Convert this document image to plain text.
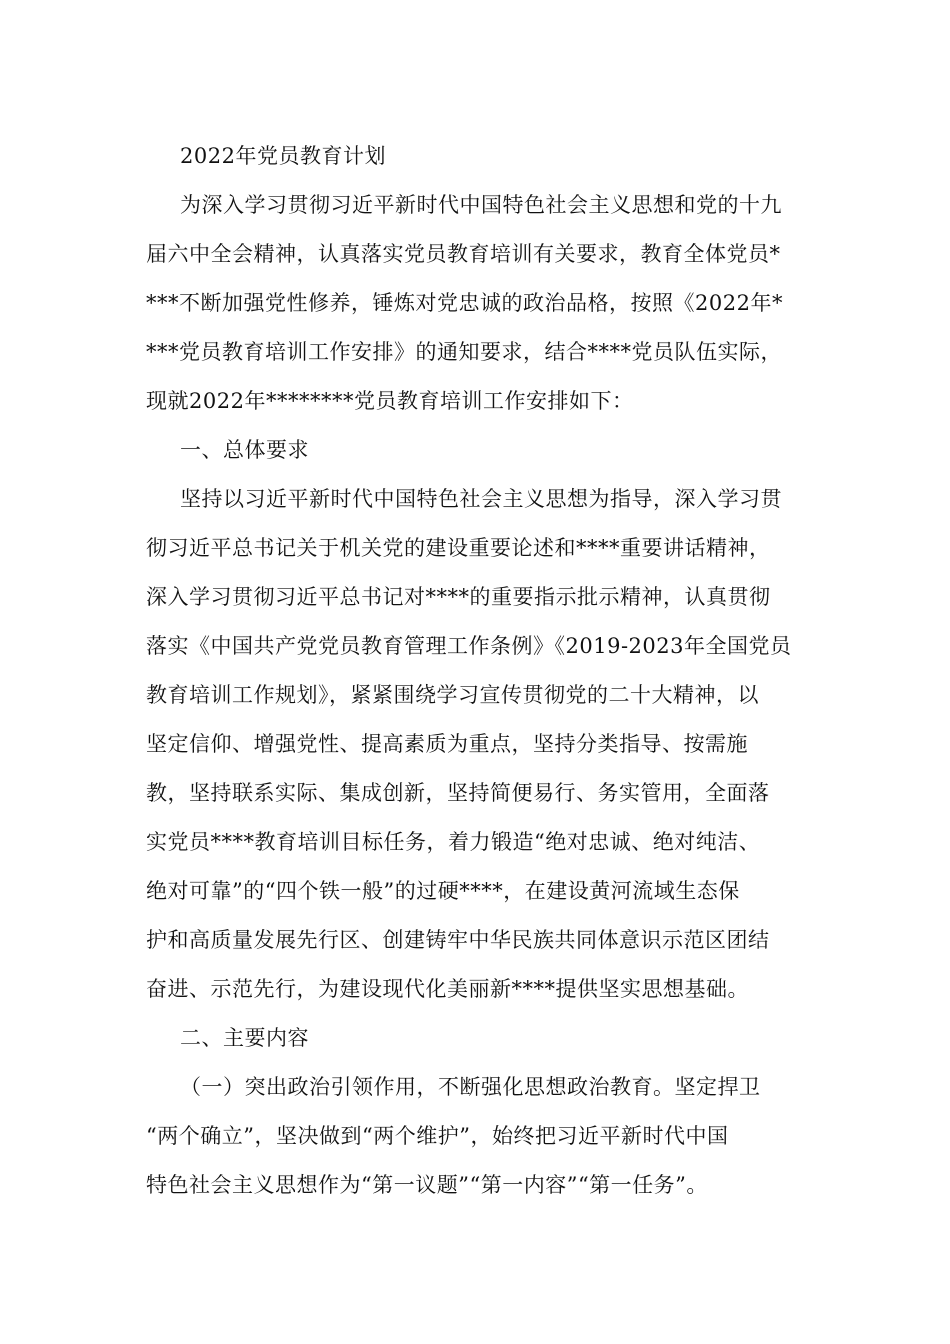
2022年党员教育计划
为深入学习贯彻习近平新时代中国特色社会主义思想和党的十九
届六中全会精神，认真落实党员教育培训有关要求，教育全体党员*
***不断加强党性修养，锤炼对党忠诚的政治品格，按照《2022年*
***党员教育培训工作安排》的通知要求，结合****党员队伍实际，
现就2022年********党员教育培训工作安排如下：
一、总体要求
坚持以习近平新时代中国特色社会主义思想为指导，深入学习贯
彻习近平总书记关于机关党的建设重要论述和****重要讲话精神，
深入学习贯彻习近平总书记对****的重要指示批示精神，认真贯彻
落实《中国共产党党员教育管理工作条例》《2019-2023年全国党员
教育培训工作规划》，紧紧围绕学习宣传贯彻党的二十大精神，以
坚定信仰、增强党性、提高素质为重点，坚持分类指导、按需施
教，坚持联系实际、集成创新，坚持简便易行、务实管用，全面落
实党员****教育培训目标任务，着力锻造“绝对忠诚、绝对纯洁、
绝对可靠”的“四个铁一般”的过硬****，在建设黄河流域生态保
护和高质量发展先行区、创建铸牢中华民族共同体意识示范区团结
奋进、示范先行，为建设现代化美丽新****提供坚实思想基础。
二、主要内容
（一）突出政治引领作用，不断强化思想政治教育。坚定捍卫
“两个确立”，坚决做到“两个维护”，始终把习近平新时代中国
特色社会主义思想作为“第一议题”“第一内容”“第一任务”。
